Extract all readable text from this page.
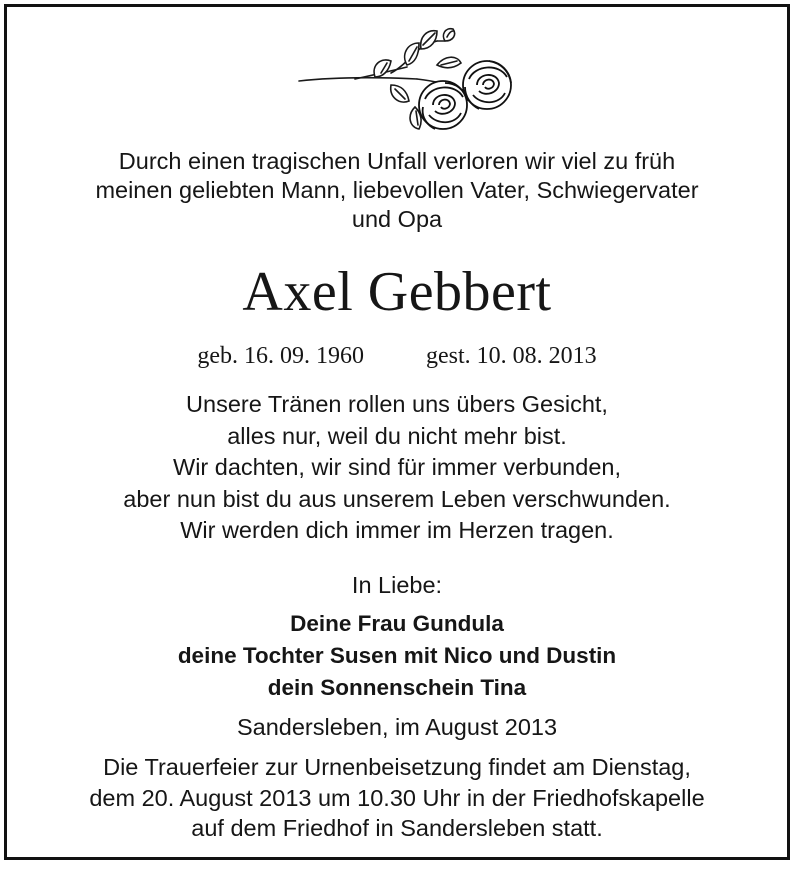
Durch einen tragischen Unfall verloren wir viel zu früh
meinen geliebten Mann, liebevollen Vater, Schwiegervater
und Opa
Axel Gebbert
geb. 16. 09. 1960	gest. 10. 08. 2013
Unsere Tränen rollen uns übers Gesicht,
alles nur, weil du nicht mehr bist.
Wir dachten, wir sind für immer verbunden,
aber nun bist du aus unserem Leben verschwunden.
Wir werden dich immer im Herzen tragen.
In Liebe:
Deine Frau Gundula
deine Tochter Susen mit Nico und Dustin
dein Sonnenschein Tina
Sandersleben, im August 2013
Die Trauerfeier zur Urnenbeisetzung findet am Dienstag,
dem 20. August 2013 um 10.30 Uhr in der Friedhofskapelle
auf dem Friedhof in Sandersleben statt.
